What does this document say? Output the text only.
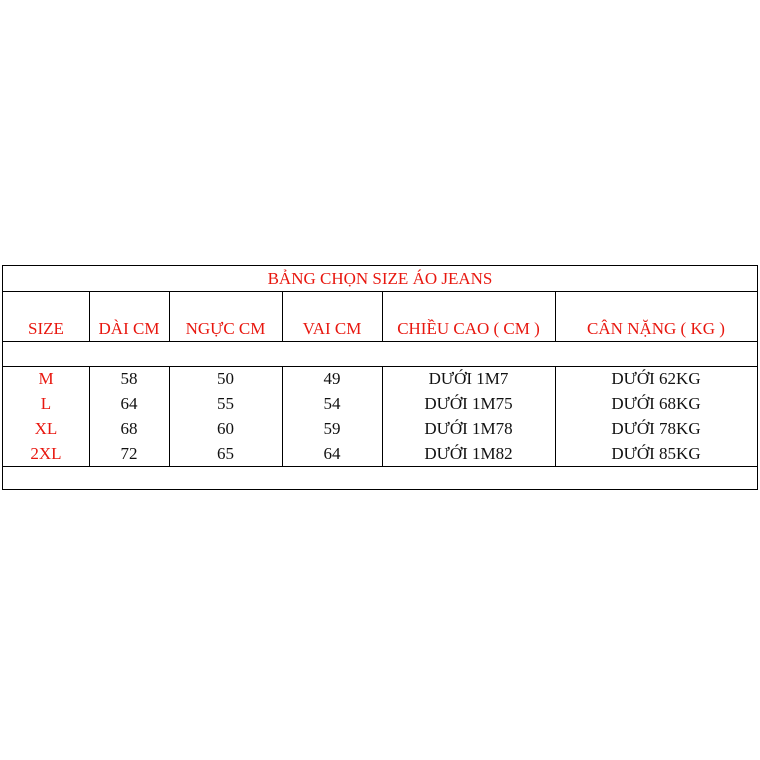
BẢNG CHỌN SIZE ÁO JEANS
SIZE	DÀI CM	NGỰC CM	VAI CM	CHIỀU CAO ( CM )	CÂN NẶNG ( KG )
M	58	50	49	DƯỚI 1M7	DƯỚI 62KG
L	64	55	54	DƯỚI 1M75	DƯỚI 68KG
XL	68	60	59	DƯỚI 1M78	DƯỚI 78KG
2XL	72	65	64	DƯỚI 1M82	DƯỚI 85KG
